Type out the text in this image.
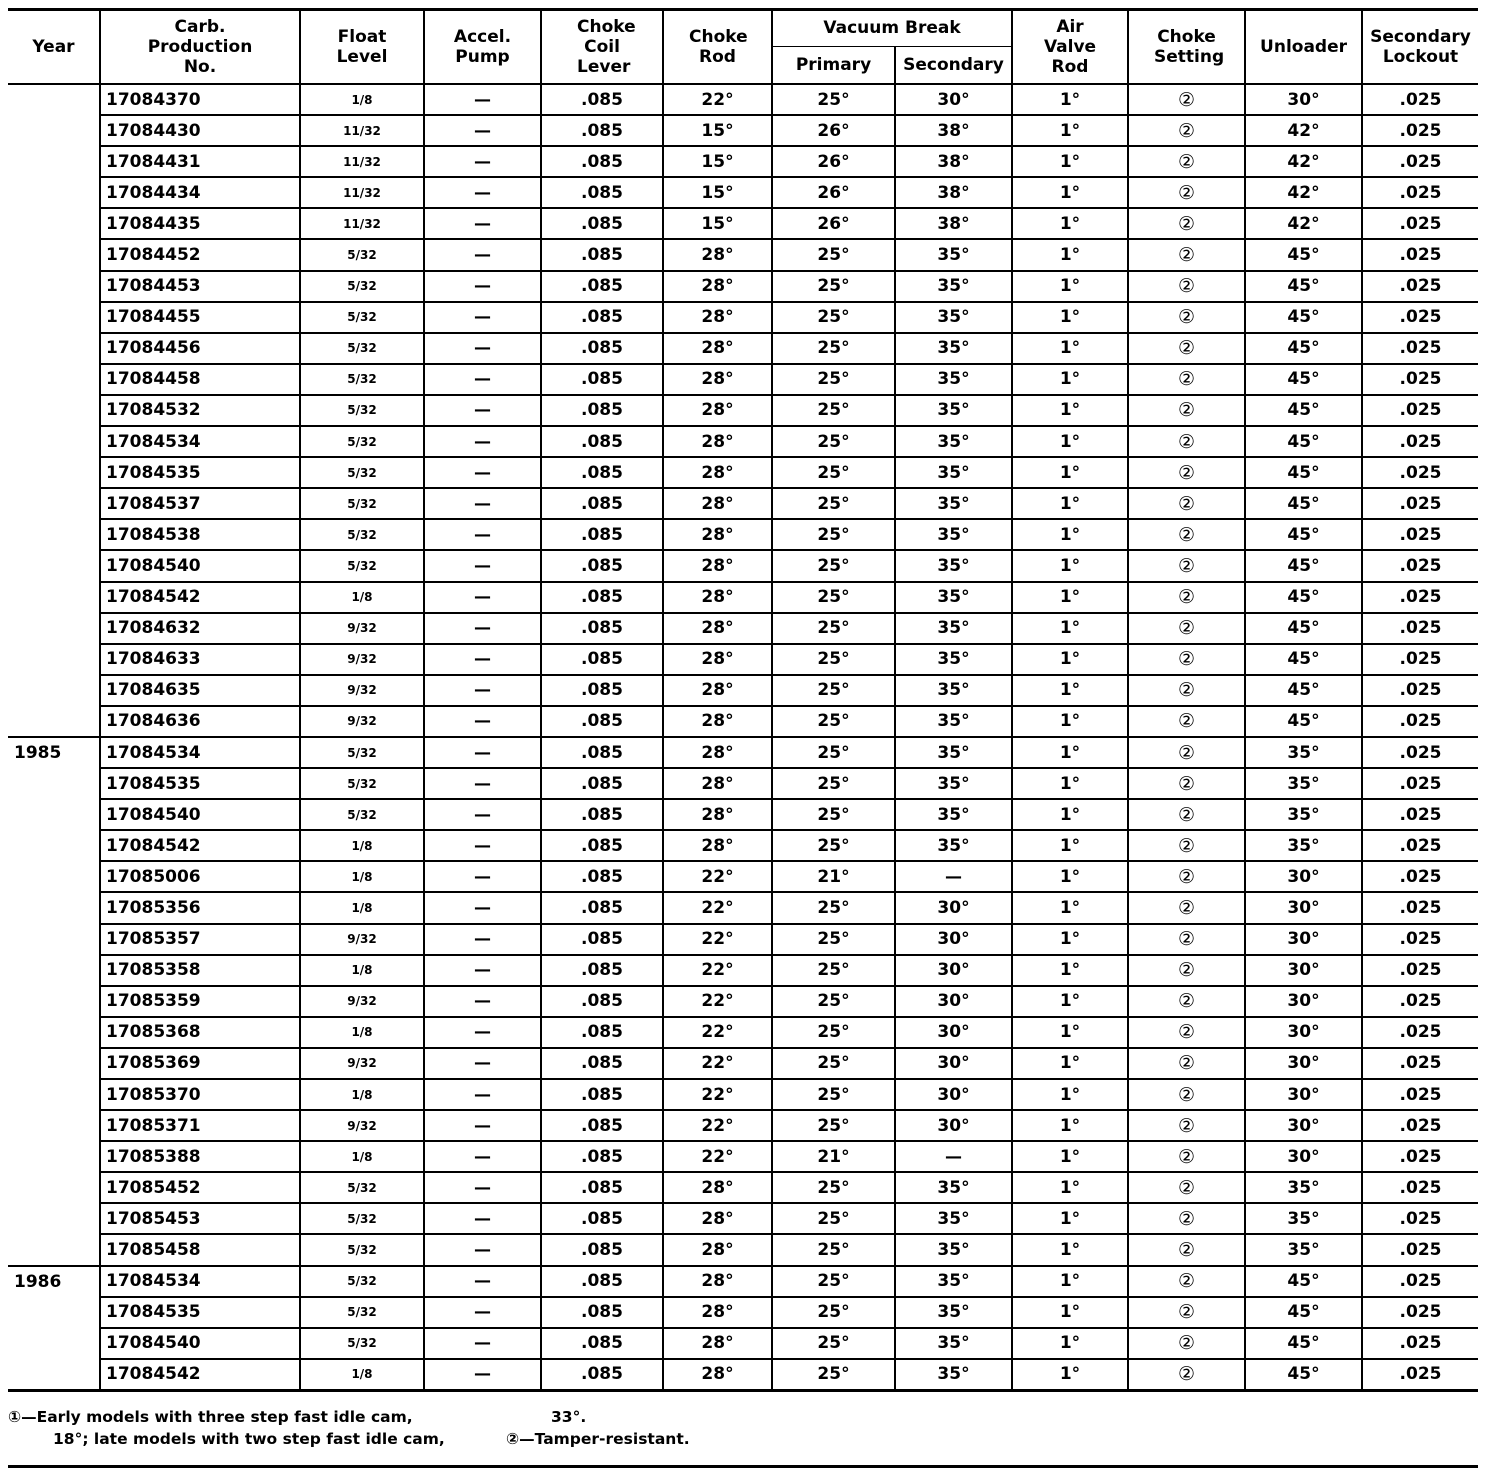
Year	Carb. Production No.	Float Level	Accel. Pump	Choke Coil Lever	Choke Rod	Vacuum Break		Air Valve Rod	Choke Setting	Unloader	Secondary Lockout
						Primary	Secondary				
	17084370	1/8	—	.085	22°	25°	30°	1°	②	30°	.025
	17084430	11/32	—	.085	15°	26°	38°	1°	②	42°	.025
	17084431	11/32	—	.085	15°	26°	38°	1°	②	42°	.025
	17084434	11/32	—	.085	15°	26°	38°	1°	②	42°	.025
	17084435	11/32	—	.085	15°	26°	38°	1°	②	42°	.025
	17084452	5/32	—	.085	28°	25°	35°	1°	②	45°	.025
	17084453	5/32	—	.085	28°	25°	35°	1°	②	45°	.025
	17084455	5/32	—	.085	28°	25°	35°	1°	②	45°	.025
	17084456	5/32	—	.085	28°	25°	35°	1°	②	45°	.025
	17084458	5/32	—	.085	28°	25°	35°	1°	②	45°	.025
	17084532	5/32	—	.085	28°	25°	35°	1°	②	45°	.025
	17084534	5/32	—	.085	28°	25°	35°	1°	②	45°	.025
	17084535	5/32	—	.085	28°	25°	35°	1°	②	45°	.025
	17084537	5/32	—	.085	28°	25°	35°	1°	②	45°	.025
	17084538	5/32	—	.085	28°	25°	35°	1°	②	45°	.025
	17084540	5/32	—	.085	28°	25°	35°	1°	②	45°	.025
	17084542	1/8	—	.085	28°	25°	35°	1°	②	45°	.025
	17084632	9/32	—	.085	28°	25°	35°	1°	②	45°	.025
	17084633	9/32	—	.085	28°	25°	35°	1°	②	45°	.025
	17084635	9/32	—	.085	28°	25°	35°	1°	②	45°	.025
	17084636	9/32	—	.085	28°	25°	35°	1°	②	45°	.025
1985	17084534	5/32	—	.085	28°	25°	35°	1°	②	35°	.025
	17084535	5/32	—	.085	28°	25°	35°	1°	②	35°	.025
	17084540	5/32	—	.085	28°	25°	35°	1°	②	35°	.025
	17084542	1/8	—	.085	28°	25°	35°	1°	②	35°	.025
	17085006	1/8	—	.085	22°	21°	—	1°	②	30°	.025
	17085356	1/8	—	.085	22°	25°	30°	1°	②	30°	.025
	17085357	9/32	—	.085	22°	25°	30°	1°	②	30°	.025
	17085358	1/8	—	.085	22°	25°	30°	1°	②	30°	.025
	17085359	9/32	—	.085	22°	25°	30°	1°	②	30°	.025
	17085368	1/8	—	.085	22°	25°	30°	1°	②	30°	.025
	17085369	9/32	—	.085	22°	25°	30°	1°	②	30°	.025
	17085370	1/8	—	.085	22°	25°	30°	1°	②	30°	.025
	17085371	9/32	—	.085	22°	25°	30°	1°	②	30°	.025
	17085388	1/8	—	.085	22°	21°	—	1°	②	30°	.025
	17085452	5/32	—	.085	28°	25°	35°	1°	②	35°	.025
	17085453	5/32	—	.085	28°	25°	35°	1°	②	35°	.025
	17085458	5/32	—	.085	28°	25°	35°	1°	②	35°	.025
1986	17084534	5/32	—	.085	28°	25°	35°	1°	②	45°	.025
	17084535	5/32	—	.085	28°	25°	35°	1°	②	45°	.025
	17084540	5/32	—	.085	28°	25°	35°	1°	②	45°	.025
	17084542	1/8	—	.085	28°	25°	35°	1°	②	45°	.025
①—Early models with three step fast idle cam,
18°; late models with two step fast idle cam,
33°.
②—Tamper-resistant.
